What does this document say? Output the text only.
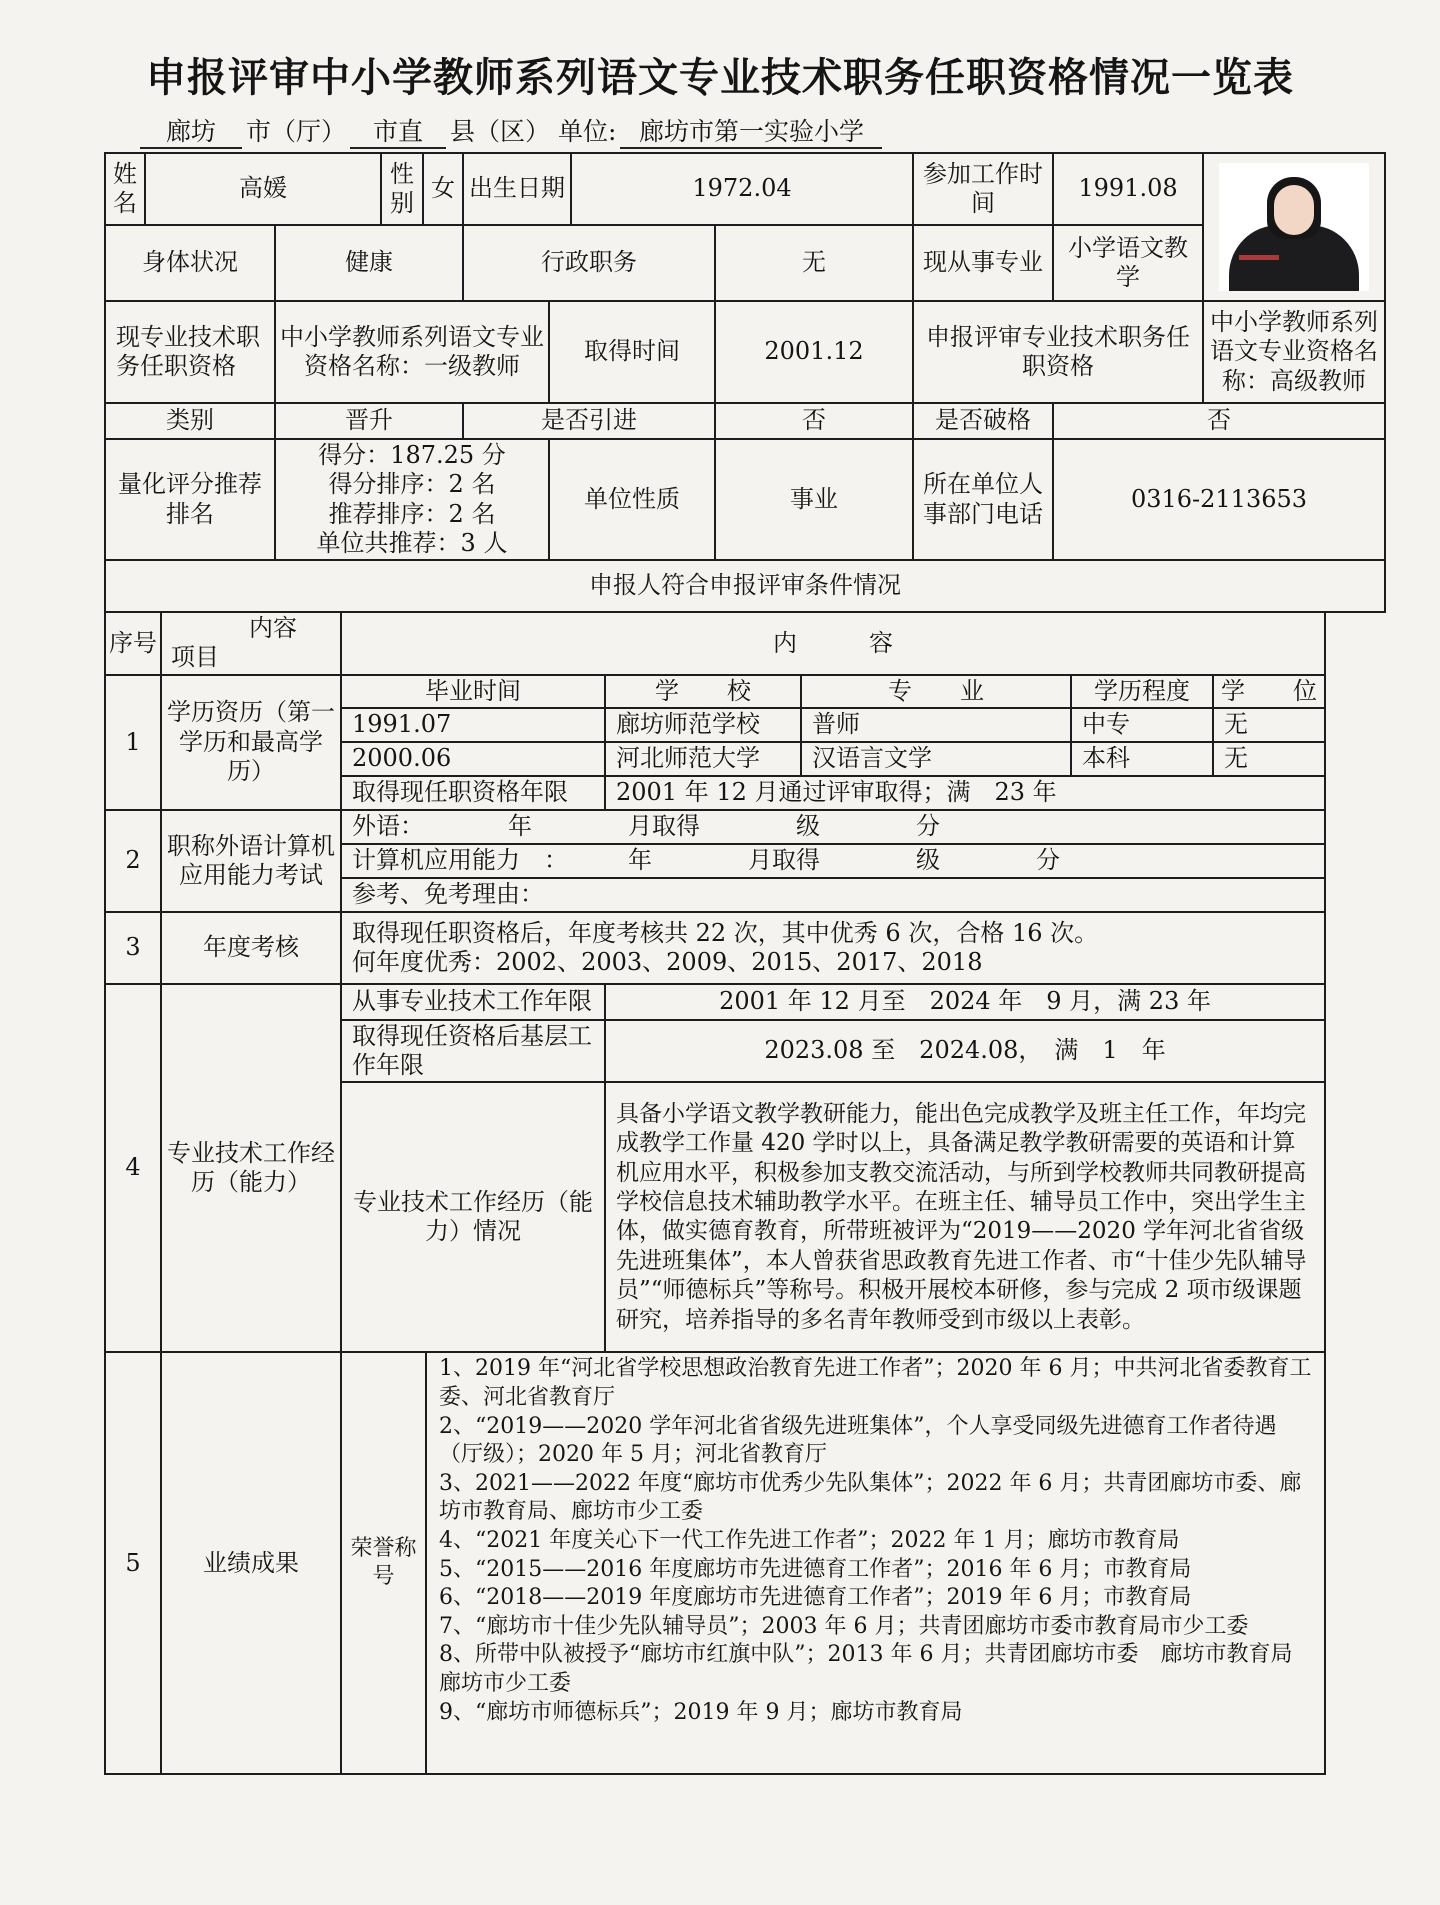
申报评审中小学教师系列语文专业技术职务任职资格情况一览表
廊坊 市（厅） 市直 县（区） 单位: 廊坊市第一实验小学
姓名	高媛		性别	女	出生日期		1972.04		参加工作时间	1991.08	

身体状况		健康			行政职务			无	现从事专业	小学语文教学	
现专业技术职务任职资格		中小学教师系列语文专业资格名称：一级教师				取得时间		2001.12	申报评审专业技术职务任职资格		中小学教师系列语文专业资格名称：高级教师
类别		晋升			是否引进			否	是否破格	否	
量化评分推荐排名		得分：187.25 分
得分排序：2 名
推荐排序：2 名
单位共推荐：3 人				单位性质		事业	所在单位人事部门电话	0316-2113653	
申报人符合申报评审条件情况											
序号	
内容
项目
	内　　　容
1	学历资历（第一学历和最高学历）	毕业时间	学　　校	专　　业	学历程度	学　　位
1991.07	廊坊师范学校	普师	中专	无
2000.06	河北师范大学	汉语言文学	本科	无
取得现任职资格年限	2001 年 12 月通过评审取得；满　23 年
2	职称外语计算机应用能力考试	外语：　　　　年　　　　月取得　　　　级　　　　分
计算机应用能力　：　　　年　　　　月取得　　　　级　　　　分
参考、免考理由：
3	年度考核	
取得现任职资格后，年度考核共 22 次，其中优秀 6 次，合格 16 次。
何年度优秀：2002、2003、2009、2015、2017、2018

4	专业技术工作经历（能力）	从事专业技术工作年限	2001 年 12 月至　2024 年　9 月，满 23 年
取得现任资格后基层工作年限	2023.08 至　2024.08，　满　1　年
专业技术工作经历（能力）情况	具备小学语文教学教研能力，能出色完成教学及班主任工作，年均完成教学工作量 420 学时以上，具备满足教学教研需要的英语和计算机应用水平，积极参加支教交流活动，与所到学校教师共同教研提高学校信息技术辅助教学水平。在班主任、辅导员工作中，突出学生主体，做实德育教育，所带班被评为“2019——2020 学年河北省省级先进班集体”，本人曾获省思政教育先进工作者、市“十佳少先队辅导员”“师德标兵”等称号。积极开展校本研修，参与完成 2 项市级课题研究，培养指导的多名青年教师受到市级以上表彰。
5	业绩成果	
荣誉称号	
1、2019 年“河北省学校思想政治教育先进工作者”；2020 年 6 月；中共河北省委教育工委、河北省教育厅
2、“2019——2020 学年河北省省级先进班集体”，个人享受同级先进德育工作者待遇（厅级）；2020 年 5 月；河北省教育厅
3、2021——2022 年度“廊坊市优秀少先队集体”；2022 年 6 月；共青团廊坊市委、廊坊市教育局、廊坊市少工委
4、“2021 年度关心下一代工作先进工作者”；2022 年 1 月；廊坊市教育局
5、“2015——2016 年度廊坊市先进德育工作者”；2016 年 6 月；市教育局
6、“2018——2019 年度廊坊市先进德育工作者”；2019 年 6 月；市教育局
7、“廊坊市十佳少先队辅导员”；2003 年 6 月；共青团廊坊市委市教育局市少工委
8、所带中队被授予“廊坊市红旗中队”；2013 年 6 月；共青团廊坊市委　廊坊市教育局　廊坊市少工委
9、“廊坊市师德标兵”；2019 年 9 月；廊坊市教育局
